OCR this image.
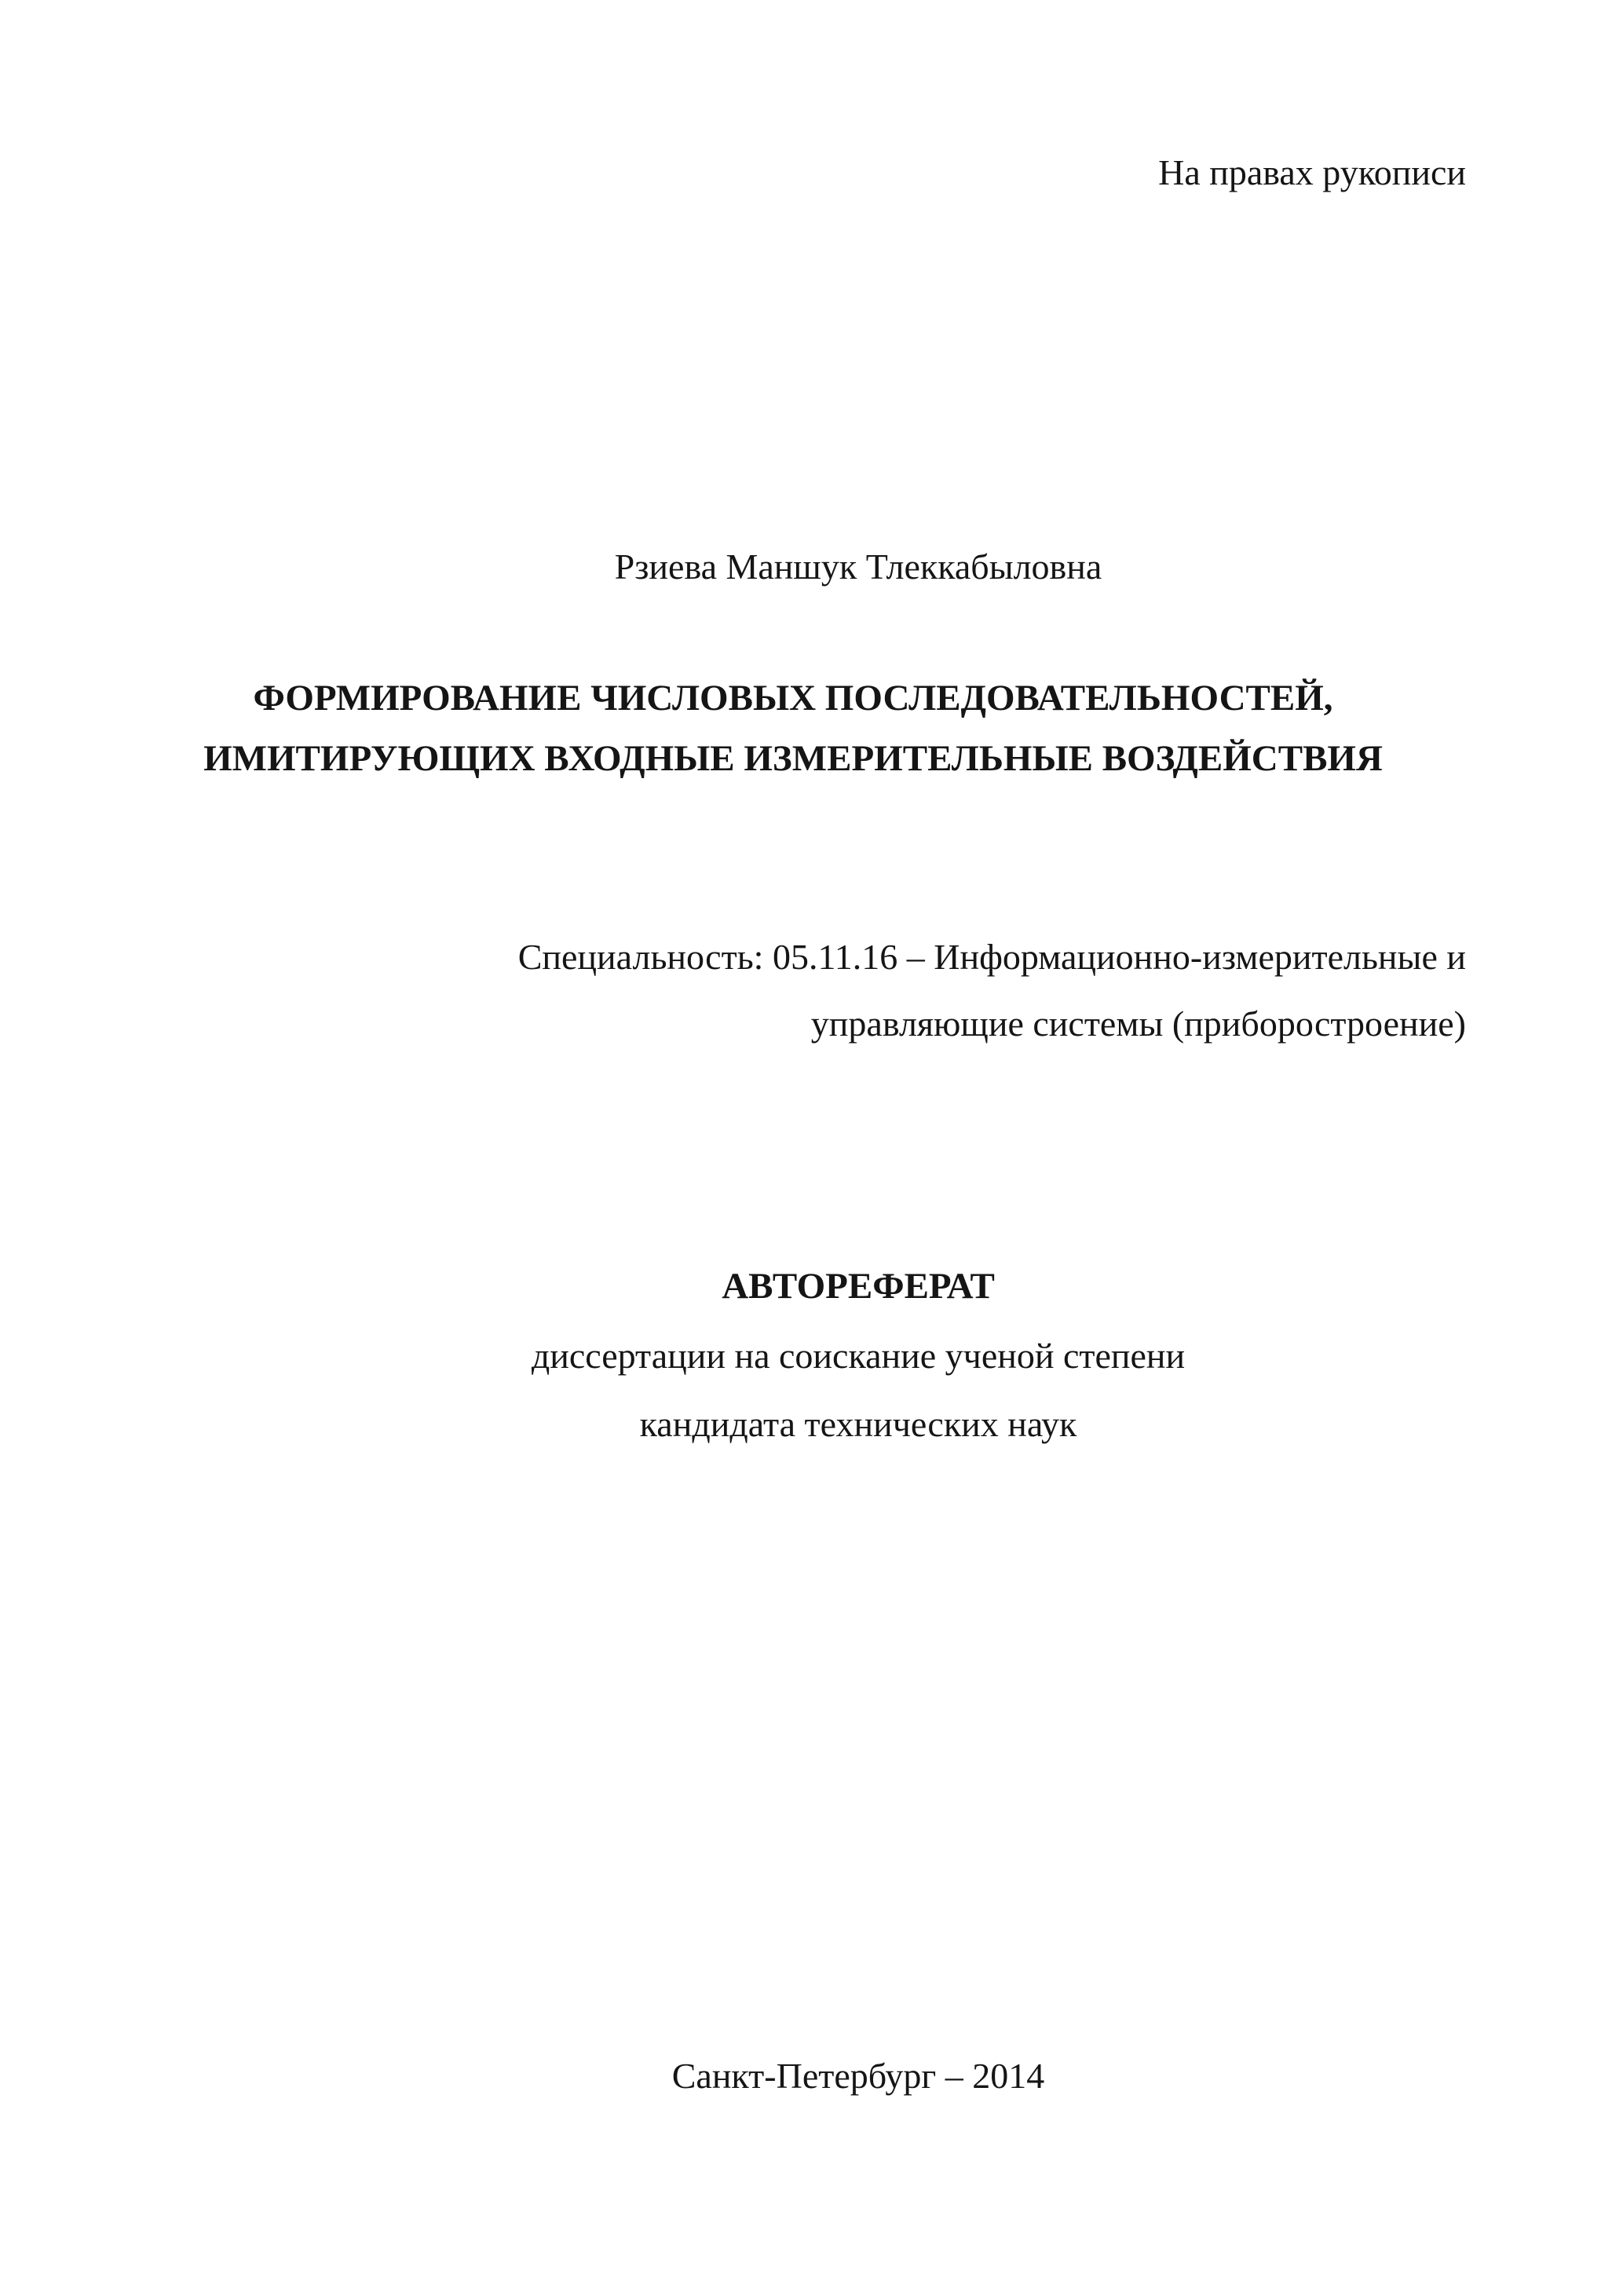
На правах рукописи
Рзиева Маншук Тлеккабыловна
ФОРМИРОВАНИЕ ЧИСЛОВЫХ ПОСЛЕДОВАТЕЛЬНОСТЕЙ,
ИМИТИРУЮЩИХ ВХОДНЫЕ ИЗМЕРИТЕЛЬНЫЕ ВОЗДЕЙСТВИЯ
Специальность: 05.11.16 – Информационно-измерительные и
управляющие системы (приборостроение)
АВТОРЕФЕРАТ
диссертации на соискание ученой степени
кандидата технических наук
Санкт-Петербург – 2014
